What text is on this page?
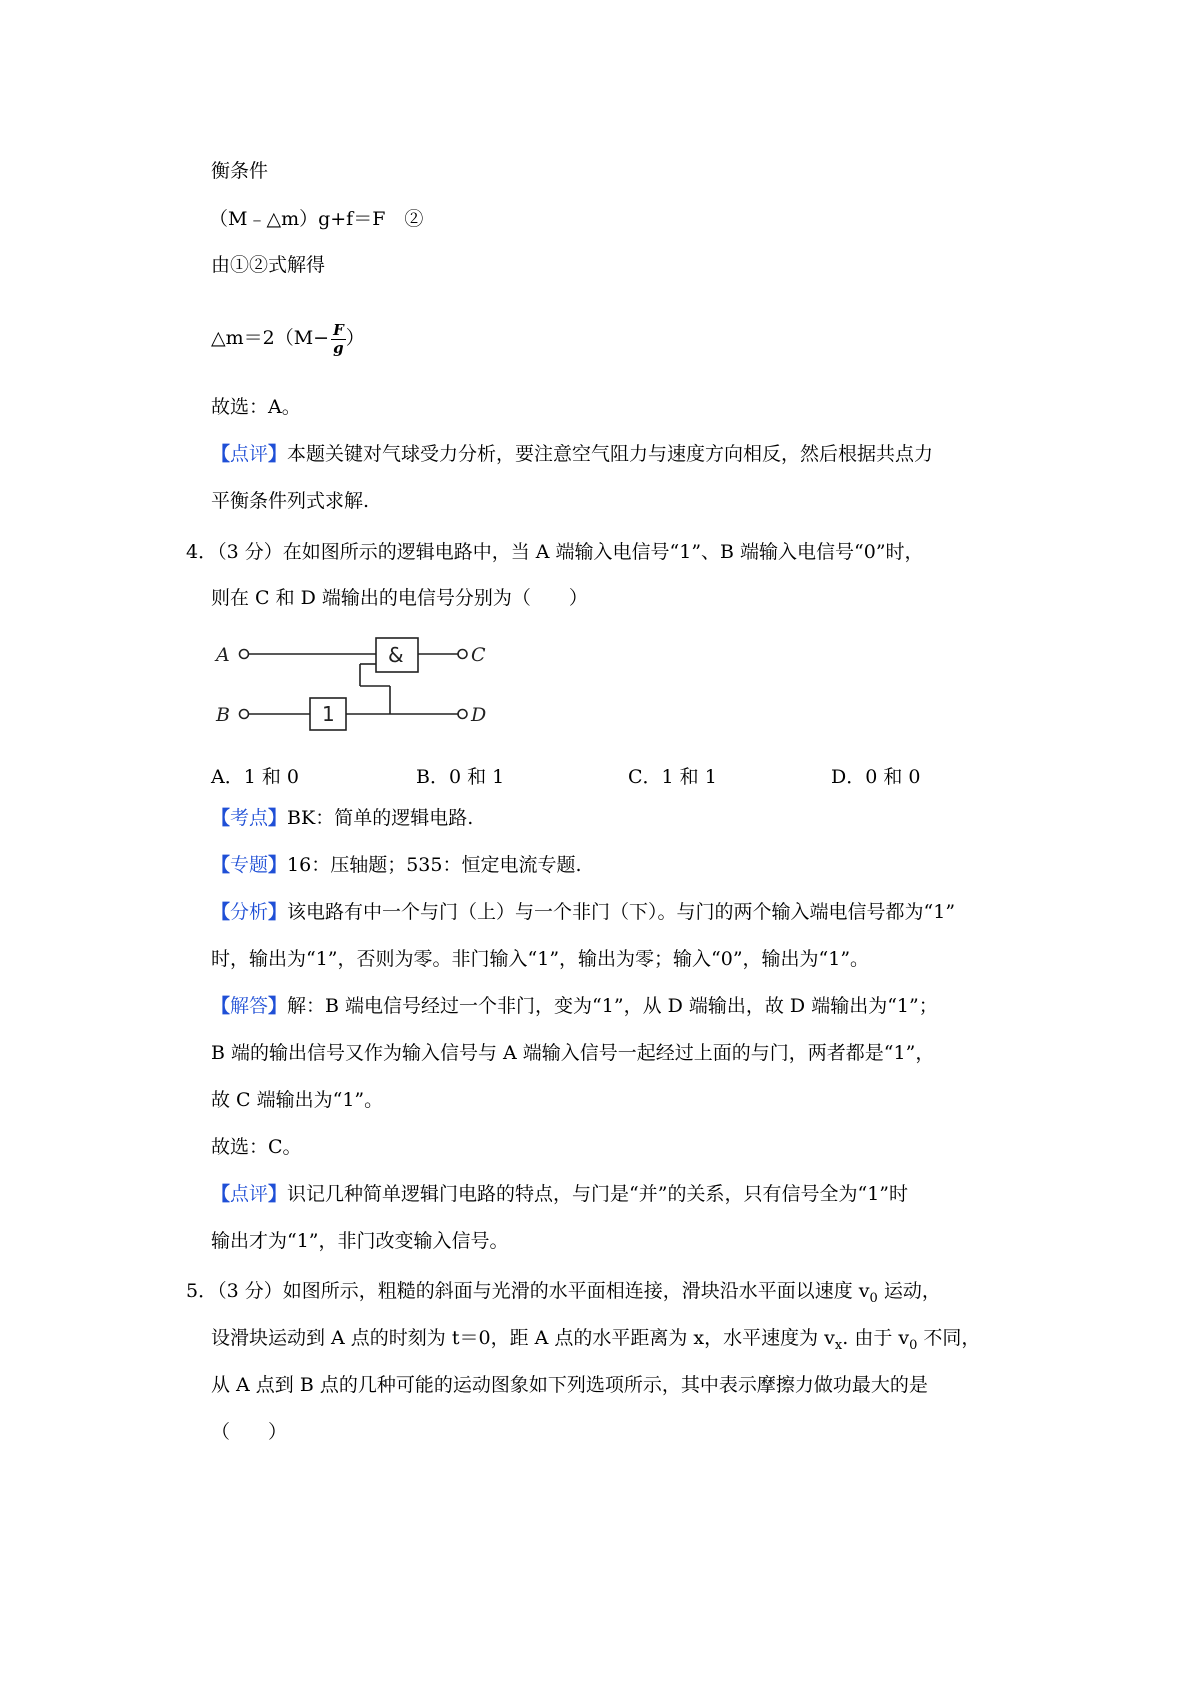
衡条件
（M﹣△m）g+f＝F　②
由①②式解得
△m＝2（M− $\frac{F}{g}$ ）
故选：A。
【点评】本题关键对气球受力分析，要注意空气阻力与速度方向相反，然后根据共点力
平衡条件列式求解.
4．（3 分）在如图所示的逻辑电路中，当 A 端输入电信号“1”、B 端输入电信号“0”时，
则在 C 和 D 端输出的电信号分别为（　　）
A
B
C
D
&
1
A．1 和 0	B．0 和 1	C．1 和 1	D．0 和 0
【考点】BK：简单的逻辑电路.
【专题】16：压轴题；535：恒定电流专题.
【分析】该电路有中一个与门（上）与一个非门（下）。与门的两个输入端电信号都为“1”
时，输出为“1”，否则为零。非门输入“1”，输出为零；输入“0”，输出为“1”。
【解答】解：B 端电信号经过一个非门，变为“1”，从 D 端输出，故 D 端输出为“1”；
B 端的输出信号又作为输入信号与 A 端输入信号一起经过上面的与门，两者都是“1”，
故 C 端输出为“1”。
故选：C。
【点评】识记几种简单逻辑门电路的特点，与门是“并”的关系，只有信号全为“1”时
输出才为“1”，非门改变输入信号。
5．（3 分）如图所示，粗糙的斜面与光滑的水平面相连接，滑块沿水平面以速度 $v_0$ 运动，
设滑块运动到 A 点的时刻为 t＝0，距 A 点的水平距离为 x，水平速度为 $v_x$. 由于 $v_0$ 不同，
从 A 点到 B 点的几种可能的运动图象如下列选项所示，其中表示摩擦力做功最大的是
（　　）
